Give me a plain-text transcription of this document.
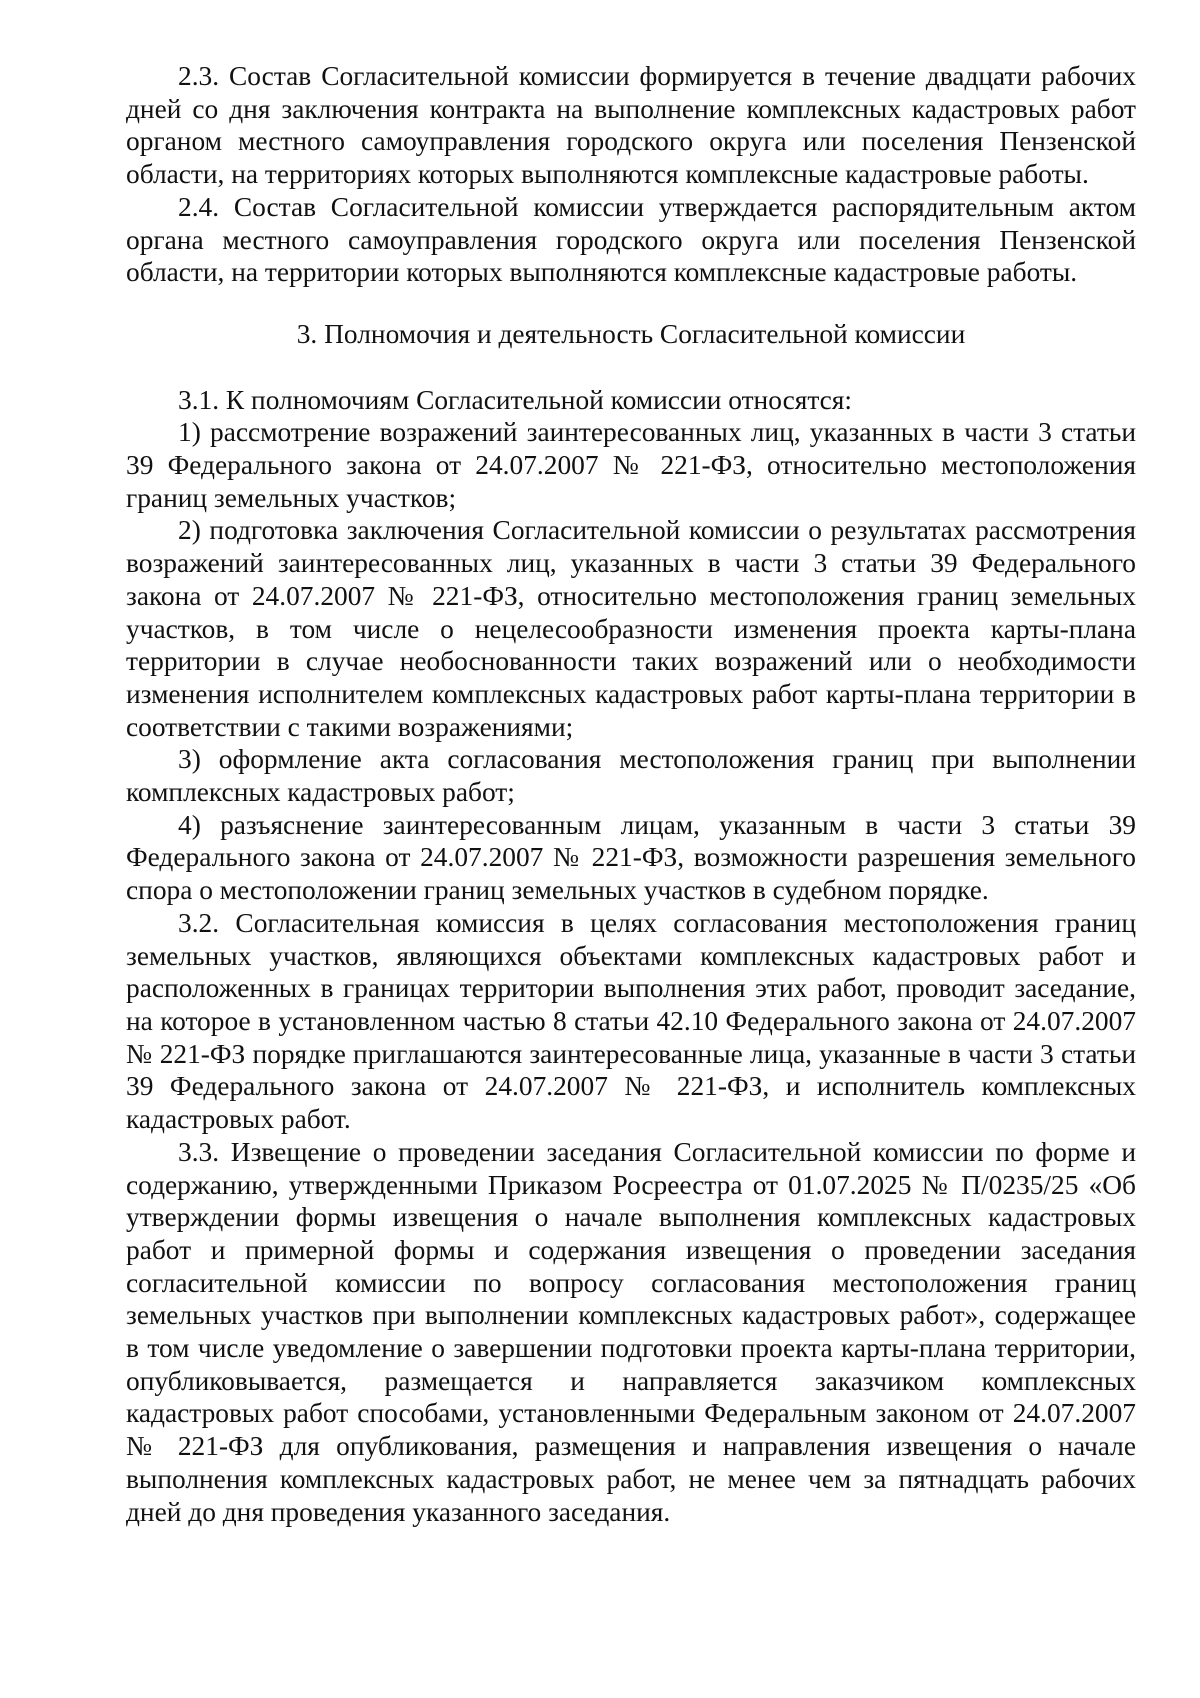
2.3. Состав Согласительной комиссии формируется в течение двадцати рабочих дней со дня заключения контракта на выполнение комплексных кадастровых работ органом местного самоуправления городского округа или поселения Пензенской области, на территориях которых выполняются комплексные кадастровые работы.

2.4. Состав Согласительной комиссии утверждается распорядительным актом органа местного самоуправления городского округа или поселения Пензенской области, на территории которых выполняются комплексные кадастровые работы.

3. Полномочия и деятельность Согласительной комиссии

3.1. К полномочиям Согласительной комиссии относятся:

1) рассмотрение возражений заинтересованных лиц, указанных в части 3 статьи 39 Федерального закона от 24.07.2007 № 221-ФЗ, относительно местоположения границ земельных участков;

2) подготовка заключения Согласительной комиссии о результатах рассмотрения возражений заинтересованных лиц, указанных в части 3 статьи 39 Федерального закона от 24.07.2007 № 221-ФЗ, относительно местоположения границ земельных участков, в том числе о нецелесообразности изменения проекта карты-плана территории в случае необоснованности таких возражений или о необходимости изменения исполнителем комплексных кадастровых работ карты-плана территории в соответствии с такими возражениями;

3) оформление акта согласования местоположения границ при выполнении комплексных кадастровых работ;

4) разъяснение заинтересованным лицам, указанным в части 3 статьи 39 Федерального закона от 24.07.2007 № 221-ФЗ, возможности разрешения земельного спора о местоположении границ земельных участков в судебном порядке.

3.2. Согласительная комиссия в целях согласования местоположения границ земельных участков, являющихся объектами комплексных кадастровых работ и расположенных в границах территории выполнения этих работ, проводит заседание, на которое в установленном частью 8 статьи 42.10 Федерального закона от 24.07.2007 № 221-ФЗ порядке приглашаются заинтересованные лица, указанные в части 3 статьи 39 Федерального закона от 24.07.2007 № 221-ФЗ, и исполнитель комплексных кадастровых работ.

3.3. Извещение о проведении заседания Согласительной комиссии по форме и содержанию, утвержденными Приказом Росреестра от 01.07.2025 № П/0235/25 «Об утверждении формы извещения о начале выполнения комплексных кадастровых работ и примерной формы и содержания извещения о проведении заседания согласительной комиссии по вопросу согласования местоположения границ земельных участков при выполнении комплексных кадастровых работ», содержащее в том числе уведомление о завершении подготовки проекта карты-плана территории, опубликовывается, размещается и направляется заказчиком комплексных кадастровых работ способами, установленными Федеральным законом от 24.07.2007 № 221-ФЗ для опубликования, размещения и направления извещения о начале выполнения комплексных кадастровых работ, не менее чем за пятнадцать рабочих дней до дня проведения указанного заседания.
